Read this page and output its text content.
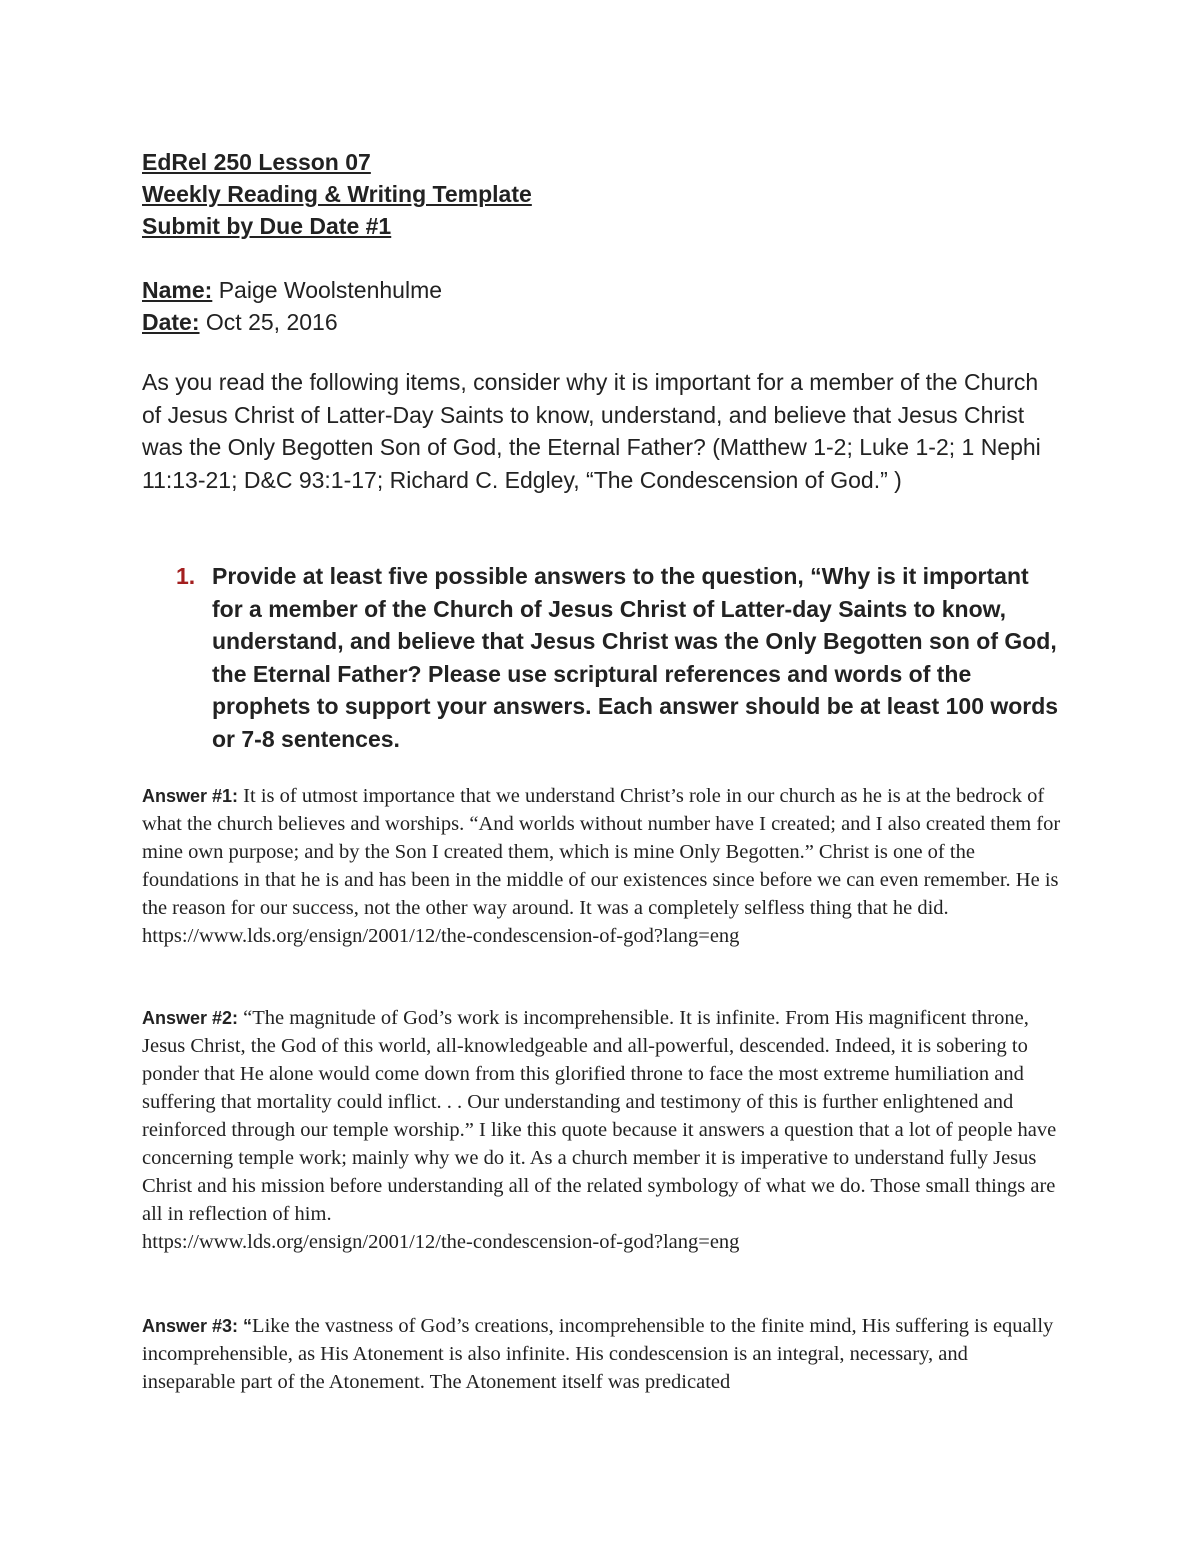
EdRel 250 Lesson 07
Weekly Reading & Writing Template
Submit by Due Date #1
Name: Paige Woolstenhulme
Date: Oct 25, 2016
As you read the following items, consider why it is important for a member of the Church of Jesus Christ of Latter-Day Saints to know, understand, and believe that Jesus Christ was the Only Begotten Son of God, the Eternal Father? (Matthew 1-2; Luke 1-2; 1 Nephi 11:13-21; D&C 93:1-17; Richard C. Edgley, “The Condescension of God.” )
1. Provide at least five possible answers to the question, “Why is it important for a member of the Church of Jesus Christ of Latter-day Saints to know, understand, and believe that Jesus Christ was the Only Begotten son of God, the Eternal Father? Please use scriptural references and words of the prophets to support your answers. Each answer should be at least 100 words or 7-8 sentences.
Answer #1: It is of utmost importance that we understand Christ’s role in our church as he is at the bedrock of what the church believes and worships. “And worlds without number have I created; and I also created them for mine own purpose; and by the Son I created them, which is mine Only Begotten.” Christ is one of the foundations in that he is and has been in the middle of our existences since before we can even remember. He is the reason for our success, not the other way around. It was a completely selfless thing that he did.
https://www.lds.org/ensign/2001/12/the-condescension-of-god?lang=eng
Answer #2: “The magnitude of God’s work is incomprehensible. It is infinite. From His magnificent throne, Jesus Christ, the God of this world, all-knowledgeable and all-powerful, descended. Indeed, it is sobering to ponder that He alone would come down from this glorified throne to face the most extreme humiliation and suffering that mortality could inflict. . . Our understanding and testimony of this is further enlightened and reinforced through our temple worship.” I like this quote because it answers a question that a lot of people have concerning temple work; mainly why we do it. As a church member it is imperative to understand fully Jesus Christ and his mission before understanding all of the related symbology of what we do. Those small things are all in reflection of him.
https://www.lds.org/ensign/2001/12/the-condescension-of-god?lang=eng
Answer #3: “Like the vastness of God’s creations, incomprehensible to the finite mind, His suffering is equally incomprehensible, as His Atonement is also infinite. His condescension is an integral, necessary, and inseparable part of the Atonement. The Atonement itself was predicated
